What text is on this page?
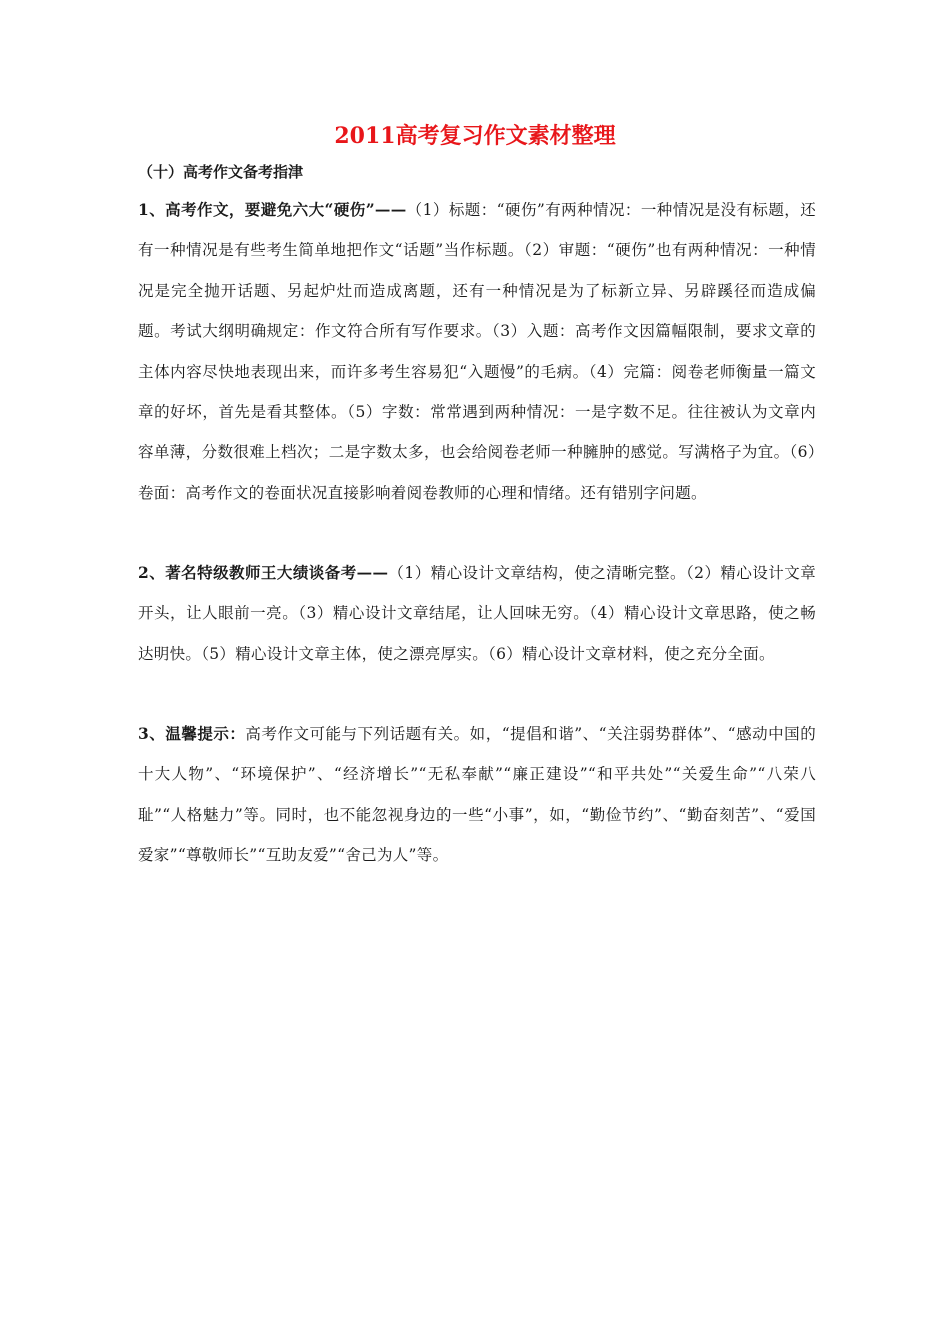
2011高考复习作文素材整理
（十）高考作文备考指津
1、高考作文，要避免六大“硬伤”——（1）标题：“硬伤”有两种情况：一种情况是没有标题，还有一种情况是有些考生简单地把作文“话题”当作标题。（2）审题：“硬伤”也有两种情况：一种情况是完全抛开话题、另起炉灶而造成离题，还有一种情况是为了标新立异、另辟蹊径而造成偏题。考试大纲明确规定：作文符合所有写作要求。（3）入题：高考作文因篇幅限制，要求文章的主体内容尽快地表现出来，而许多考生容易犯“入题慢”的毛病。（4）完篇：阅卷老师衡量一篇文章的好坏，首先是看其整体。（5）字数：常常遇到两种情况：一是字数不足。往往被认为文章内容单薄，分数很难上档次；二是字数太多，也会给阅卷老师一种臃肿的感觉。写满格子为宜。（6）卷面：高考作文的卷面状况直接影响着阅卷教师的心理和情绪。还有错别字问题。
2、著名特级教师王大绩谈备考——（1）精心设计文章结构，使之清晰完整。（2）精心设计文章开头，让人眼前一亮。（3）精心设计文章结尾，让人回味无穷。（4）精心设计文章思路，使之畅达明快。（5）精心设计文章主体，使之漂亮厚实。（6）精心设计文章材料，使之充分全面。
3、温馨提示：高考作文可能与下列话题有关。如，“提倡和谐”、“关注弱势群体”、“感动中国的十大人物”、“环境保护”、“经济增长”“无私奉献”“廉正建设”“和平共处”“关爱生命”“八荣八耻”“人格魅力”等。同时，也不能忽视身边的一些“小事”，如，“勤俭节约”、“勤奋刻苦”、“爱国爱家”“尊敬师长”“互助友爱”“舍己为人”等。
